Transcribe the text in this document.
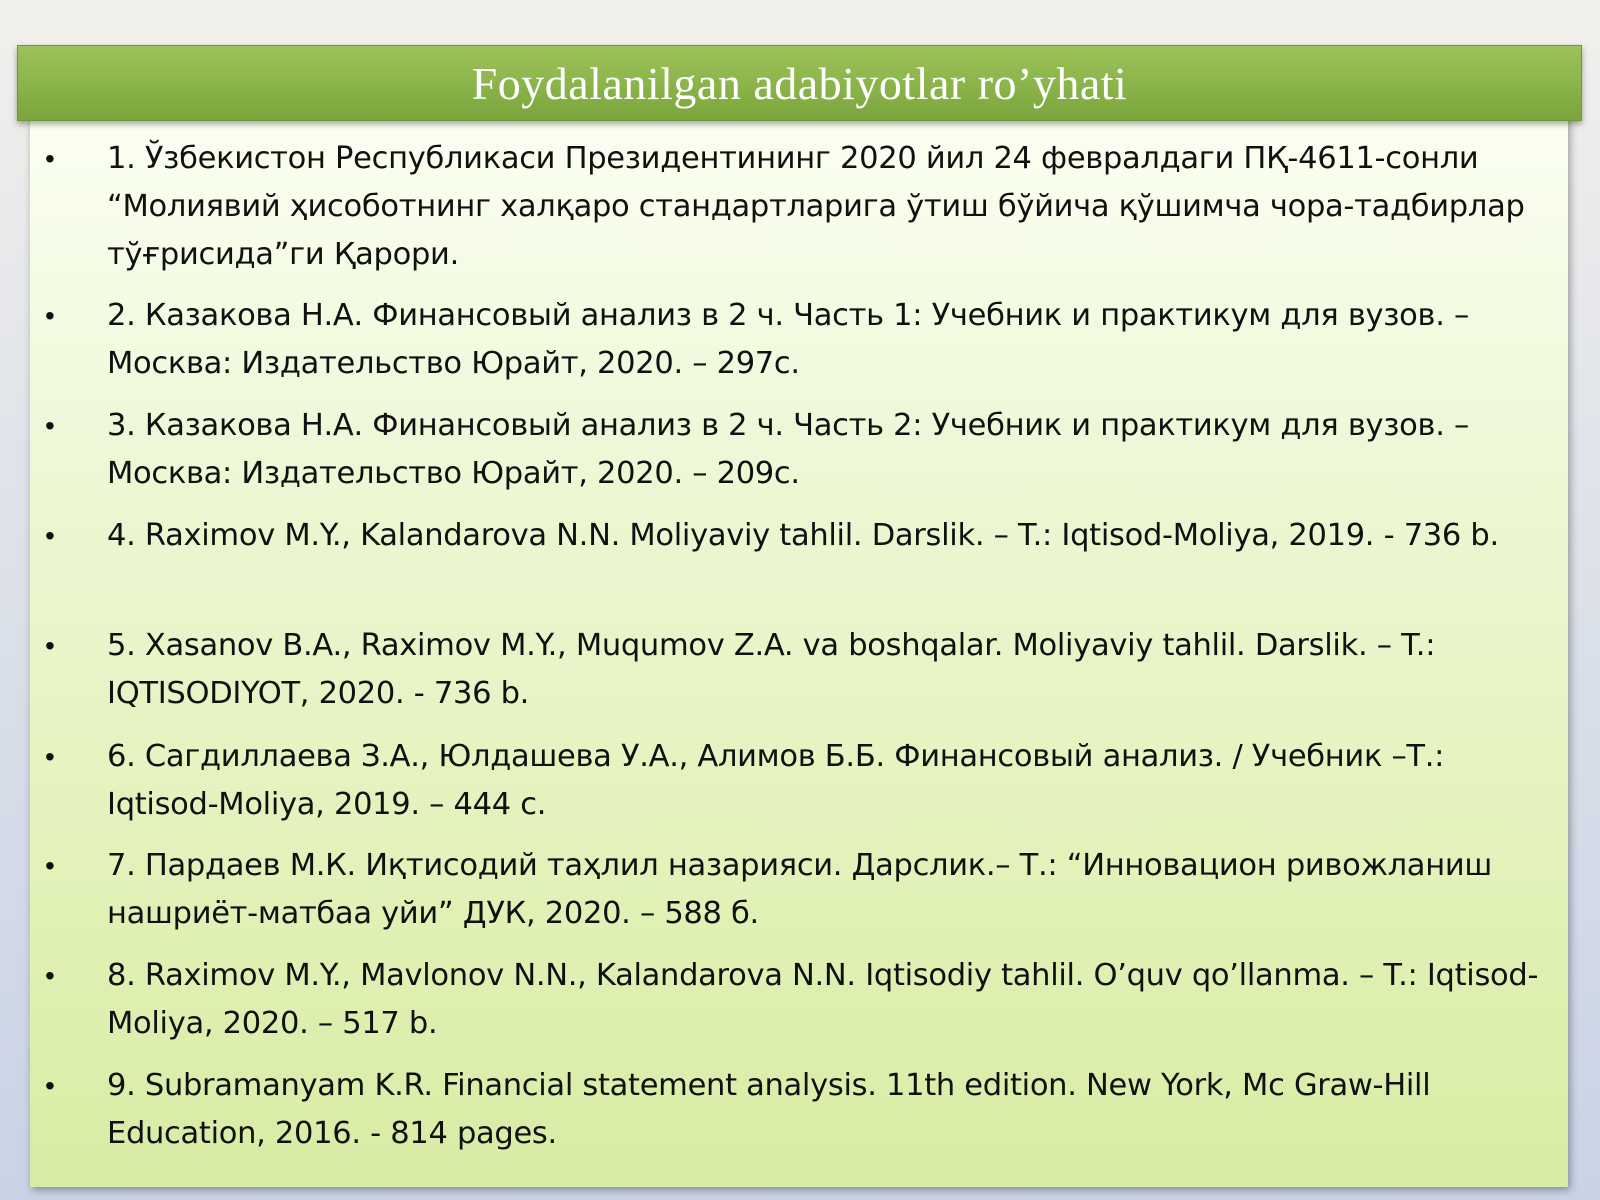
• 1. Ўзбекистон Республикаси Президентининг 2020 йил 24 февралдаги ПҚ-4611-сонли “Молиявий ҳисоботнинг халқаро стандартларига ўтиш бўйича қўшимча чора-тадбирлар тўғрисида”ги Қарори.
• 2. Казакова Н.А. Финансовый анализ в 2 ч. Часть 1: Учебник и практикум для вузов. – Москва: Издательство Юрайт, 2020. – 297с.
• 3. Казакова Н.А. Финансовый анализ в 2 ч. Часть 2: Учебник и практикум для вузов. – Москва: Издательство Юрайт, 2020. – 209с.
• 4. Raximov M.Y., Kalandarova N.N. Moliyaviy tahlil. Darslik. – T.: Iqtisod-Moliya, 2019. - 736 b.
• 5. Xasanov B.A., Raximov M.Y., Muqumov Z.A. va boshqalar. Moliyaviy tahlil. Darslik. – T.: IQTISODIYOT, 2020. - 736 b.
• 6. Сагдиллаева З.А., Юлдашева У.А., Алимов Б.Б. Финансовый анализ. / Учебник –Т.: Iqtisod-Moliya, 2019. – 444 с.
• 7. Пардаев М.К. Иқтисодий таҳлил назарияси. Дарслик.– Т.: “Инновацион ривожланиш нашриёт-матбаа уйи” ДУК, 2020. – 588 б.
• 8. Raximov M.Y., Mavlonov N.N., Kalandarova N.N. Iqtisodiy tahlil. O’quv qo’llanma. – T.: Iqtisod-Moliya, 2020. – 517 b.
• 9. Subramanyam K.R. Financial statement analysis. 11th edition. New York, Mc Graw-Hill Education, 2016. - 814 pages.
Foydalanilgan adabiyotlar ro’yhati
